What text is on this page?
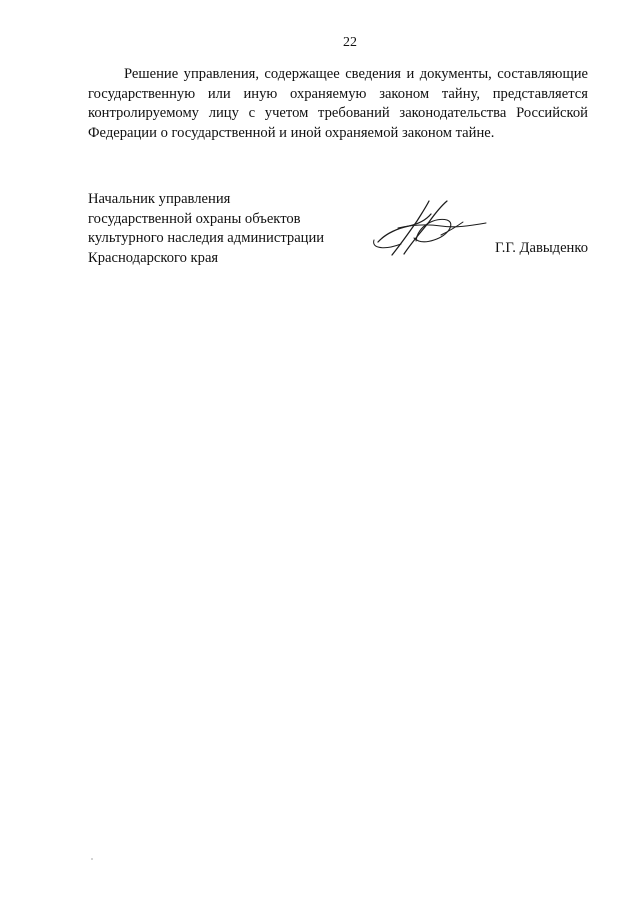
22

Решение управления, содержащее сведения и документы, составляющие государственную или иную охраняемую законом тайну, представляется контролируемому лицу с учетом требований законодательства Российской Федерации о государственной и иной охраняемой законом тайне.

Начальник управления
государственной охраны объектов
культурного наследия администрации
Краснодарского края
Г.Г. Давыденко
